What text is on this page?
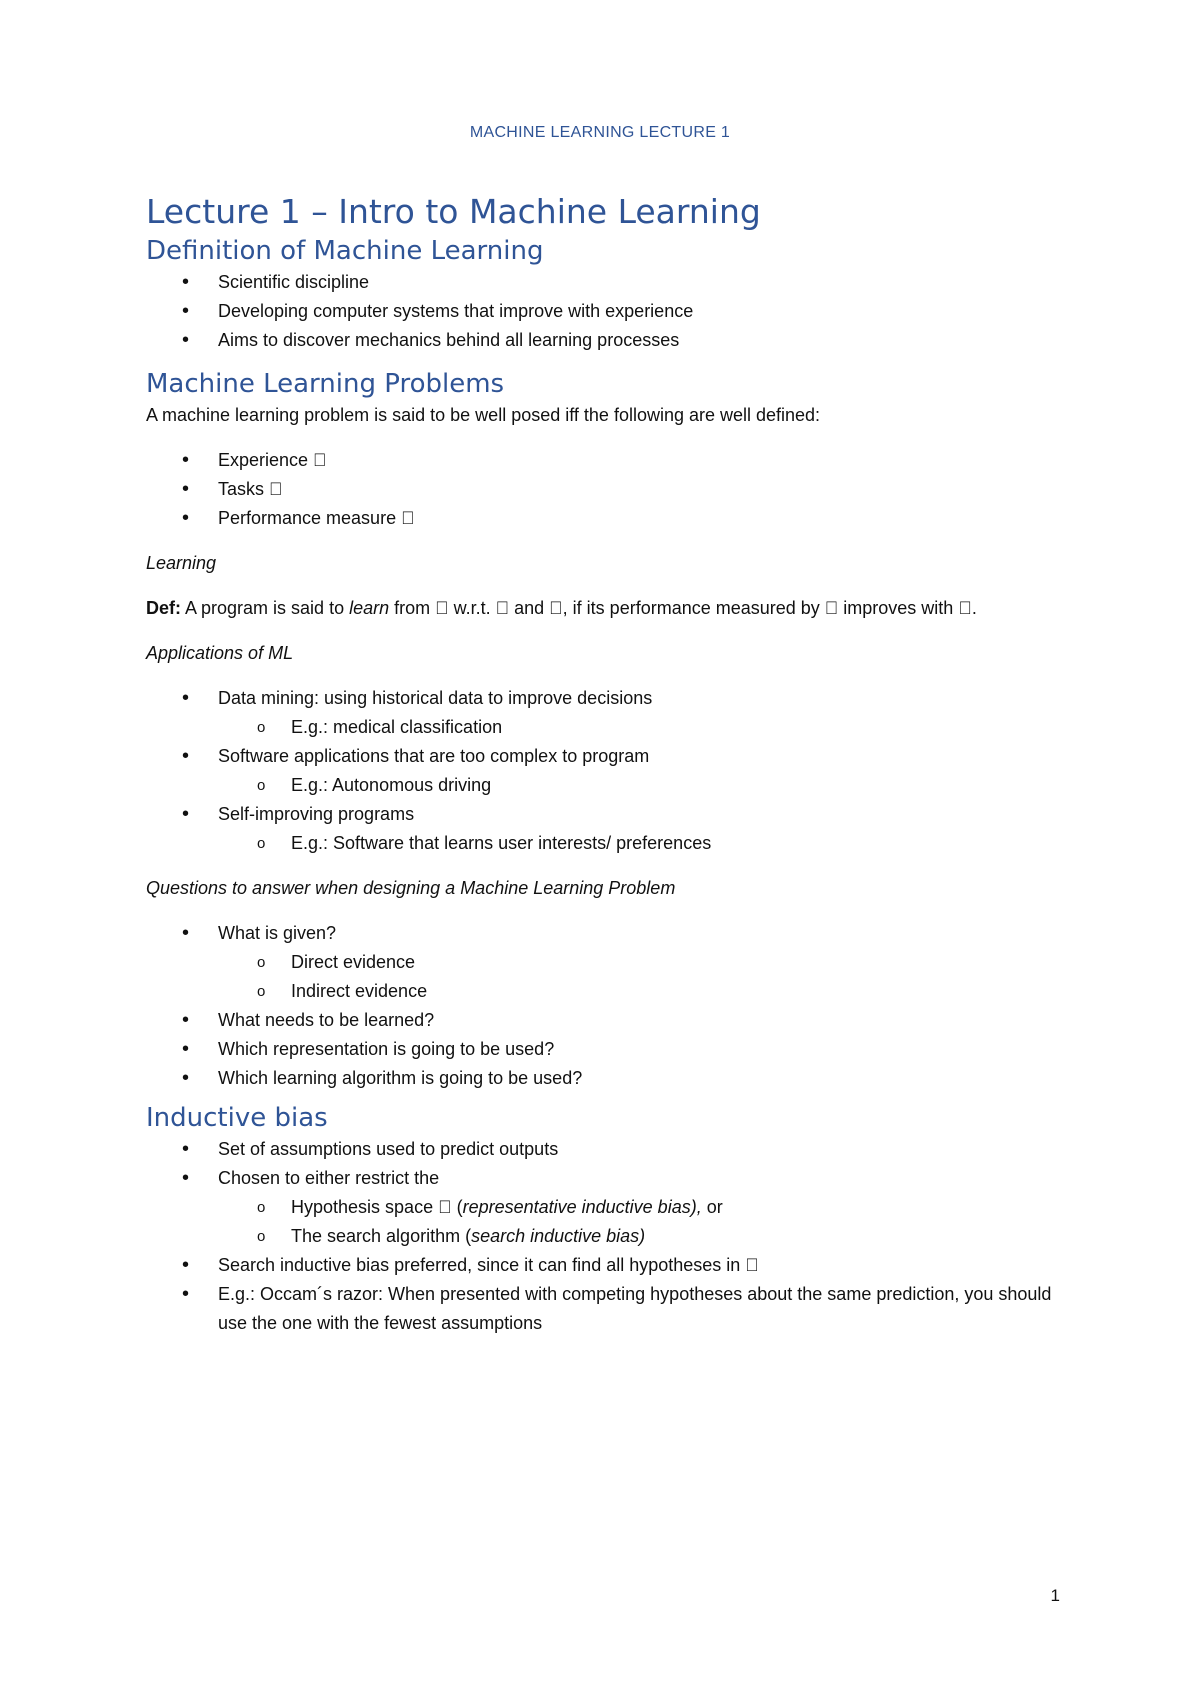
MACHINE LEARNING LECTURE 1
Lecture 1 – Intro to Machine Learning
Definition of Machine Learning
• Scientific discipline
• Developing computer systems that improve with experience
• Aims to discover mechanics behind all learning processes
Machine Learning Problems

A machine learning problem is said to be well posed iff the following are well defined:

• Experience
• Tasks
• Performance measure

Learning

Def: A program is said to learn from w.r.t. and , if its performance measured by improves with .

Applications of ML

• Data mining: using historical data to improve decisions
o E.g.: medical classification
• Software applications that are too complex to program
o E.g.: Autonomous driving
• Self-improving programs
o E.g.: Software that learns user interests/ preferences

Questions to answer when designing a Machine Learning Problem

• What is given?
o Direct evidence
o Indirect evidence
• What needs to be learned?
• Which representation is going to be used?
• Which learning algorithm is going to be used?
Inductive bias
• Set of assumptions used to predict outputs
• Chosen to either restrict the
o Hypothesis space (representative inductive bias), or
o The search algorithm (search inductive bias)
• Search inductive bias preferred, since it can find all hypotheses in
• E.g.: Occam´s razor: When presented with competing hypotheses about the same prediction, you should use the one with the fewest assumptions
1
